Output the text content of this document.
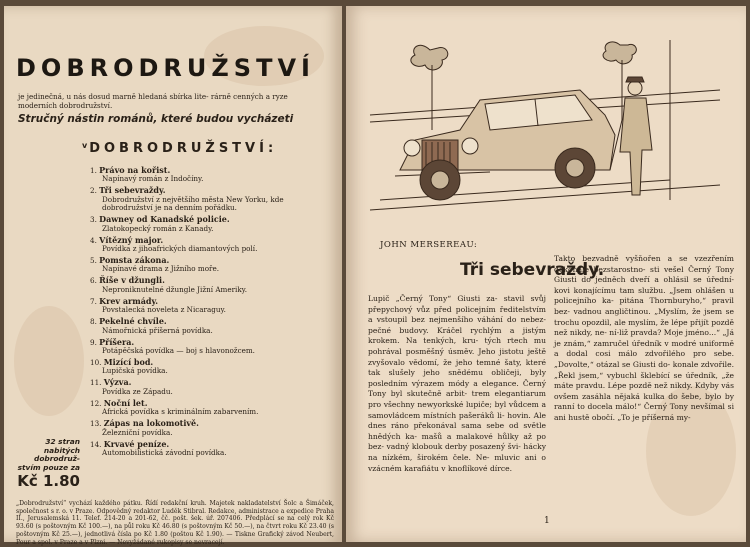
DOBRODRUŽSTVÍ
je jedinečná, u nás dosud marně hledaná sbírka lite- rárně cenných a ryze moderních dobrodružství.
Stručný nástin románů, které budou vycházeti
$^v$ DOBRODRUŽSTVÍ:
1. Právo na kořist.
Napínavý román z Indočíny.
2. Tři sebevraždy.
Dobrodružství z největšího města New Yorku, kde dobrodružství je na denním pořádku.
3. Dawney od Kanadské policie.
Zlatokopecký román z Kanady.
4. Vítězný major.
Povídka z jihoafrických diamantových polí.
5. Pomsta zákona.
Napínavé drama z Jižního moře.
6. Říše v džungli.
Neproniknutelné džungle Jižní Ameriky.
7. Krev armády.
Povstalecká noveleta z Nicaraguy.
8. Pekelné chvíle.
Námořnická příšerná povídka.
9. Příšera.
Potápěčská povídka — boj s hlavonožcem.
10. Mizící bod.
Lupičská povídka.
11. Výzva.
Povídka ze Západu.
12. Noční let.
Africká povídka s kriminálním zabarvením.
13. Zápas na lokomotivě.
Železniční povídka.
14. Krvavé peníze.
Automobilistická závodní povídka.
32 stran nabitých dobrodruž- stvím pouze za
Kč 1.80
„Dobrodružství“ vychází každého pátku. Řídí redakční kruh. Majetek nakladatelství Šolc a Šimáček, společnost s r. o. v Praze. Odpovědný redaktor Luděk Stibral. Redakce, administrace a expedice Praha II., Jerusalemská 11. Telef. 214-20 a 201-62, čč. pošt. šek. úř. 207406. Předplácí se na celý rok Kč 93.60 (s poštovným Kč 100.—), na půl roku Kč 46.80 (s poštovným Kč 50.—), na čtvrt roku Kč 23.40 (s poštovným Kč 25.—), jednotlivá čísla po Kč 1.80 (poštou Kč 1.90). — Tiskne Grafický závod Neubert, Pour a spol. v Praze a v Plzni. — Nevyžádané rukopisy se nevracejí.
JOHN MERSEREAU:
Tři sebevraždy.
Lupič „Černý Tony“ Giusti za- stavil svůj přepychový vůz před policejním ředitelstvím a vstoupil bez nejmenšího váhání do nebez- pečné budovy. Kráčel rychlým a jistým krokem. Na tenkých, kru- tých rtech mu pohrával posměšný úsměv. Jeho jistotu ještě zvyšovalo vědomí, že jeho temné šaty, které tak slušely jeho snědému obličeji, byly posledním výrazem módy a elegance. Černý Tony byl skutečně arbit- trem elegantiarum pro všechny newyorkské lupiče; byl vůdcem a samovládcem místních pašeráků li- hovin. Ale dnes ráno překonával sama sebe od světle hnědých ka- mašů a malakové hůlky až po bez- vadný klobouk derby posazený švi- hácky na nízkém, širokém čele. Ne- mluvic ani o vzácném karafiátu v knoflíkové dírce.
Takto bezvadně vyšňořen a se vzezřením dokonale bezstarostno- sti vešel Černý Tony Giusti do jedněch dveří a ohlásil se úřední- kovi konajícímu tam službu. „Jsem ohlášen u policejního ka- pitána Thornburyho,“ pravil bez- vadnou angličtinou. „Myslím, že jsem se trochu opozdil, ale myslím, že lépe přijít pozdě než nikdy, ne- ní-liž pravda? Moje jméno...“ „Já je znám,“ zamručel úředník v modré uniformě a dodal cosi málo zdvořilého pro sebe. „Dovolte,“ otázal se Giusti do- konale zdvořile. „Řekl jsem,“ vybuchl šklebící se úředník, „že máte pravdu. Lépe pozdě než nikdy. Kdyby vás ovšem zasáhla nějaká kulka do šebe, bylo by ranní to docela málo!“ Černý Tony nevšímal si ani hustě obočí. „To je příšerná my-
1
